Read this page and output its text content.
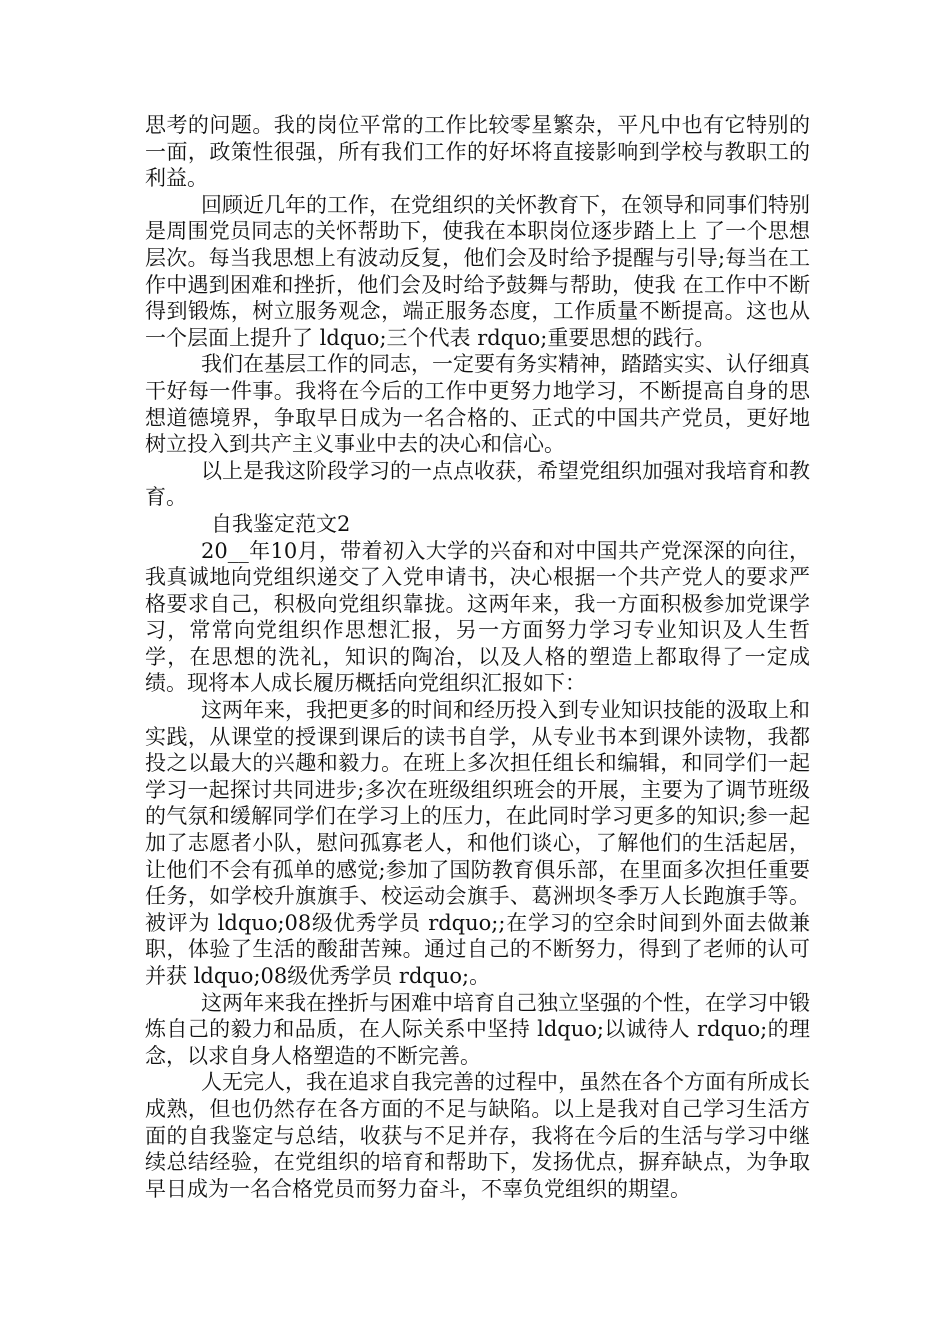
思考的问题。我的岗位平常的工作比较零星繁杂，平凡中也有它特别的一面，政策性很强，所有我们工作的好坏将直接影响到学校与教职工的利益。

回顾近几年的工作，在党组织的关怀教育下，在领导和同事们特别是周围党员同志的关怀帮助下，使我在本职岗位逐步踏上上 了一个思想层次。每当我思想上有波动反复，他们会及时给予提醒与引导;每当在工作中遇到困难和挫折，他们会及时给予鼓舞与帮助，使我 在工作中不断得到锻炼，树立服务观念，端正服务态度，工作质量不断提高。这也从一个层面上提升了 ldquo;三个代表 rdquo;重要思想的践行。

我们在基层工作的同志，一定要有务实精神，踏踏实实、认仔细真干好每一件事。我将在今后的工作中更努力地学习，不断提高自身的思想道德境界，争取早日成为一名合格的、正式的中国共产党员，更好地树立投入到共产主义事业中去的决心和信心。

以上是我这阶段学习的一点点收获，希望党组织加强对我培育和教育。

自我鉴定范文2

20__年10月，带着初入大学的兴奋和对中国共产党深深的向往，我真诚地向党组织递交了入党申请书，决心根据一个共产党人的要求严格要求自己，积极向党组织靠拢。这两年来，我一方面积极参加党课学习，常常向党组织作思想汇报，另一方面努力学习专业知识及人生哲学，在思想的洗礼，知识的陶冶，以及人格的塑造上都取得了一定成绩。现将本人成长履历概括向党组织汇报如下：

这两年来，我把更多的时间和经历投入到专业知识技能的汲取上和实践，从课堂的授课到课后的读书自学，从专业书本到课外读物，我都投之以最大的兴趣和毅力。在班上多次担任组长和编辑，和同学们一起学习一起探讨共同进步;多次在班级组织班会的开展，主要为了调节班级的气氛和缓解同学们在学习上的压力，在此同时学习更多的知识;参一起加了志愿者小队，慰问孤寡老人，和他们谈心，了解他们的生活起居，让他们不会有孤单的感觉;参加了国防教育俱乐部，在里面多次担任重要任务，如学校升旗旗手、校运动会旗手、葛洲坝冬季万人长跑旗手等。被评为 ldquo;08级优秀学员 rdquo;;在学习的空余时间到外面去做兼职，体验了生活的酸甜苦辣。通过自己的不断努力，得到了老师的认可并获 ldquo;08级优秀学员 rdquo;。

这两年来我在挫折与困难中培育自己独立坚强的个性，在学习中锻炼自己的毅力和品质，在人际关系中坚持 ldquo;以诚待人 rdquo;的理念，以求自身人格塑造的不断完善。

人无完人，我在追求自我完善的过程中，虽然在各个方面有所成长成熟，但也仍然存在各方面的不足与缺陷。以上是我对自己学习生活方面的自我鉴定与总结，收获与不足并存，我将在今后的生活与学习中继续总结经验，在党组织的培育和帮助下，发扬优点，摒弃缺点，为争取早日成为一名合格党员而努力奋斗，不辜负党组织的期望。
